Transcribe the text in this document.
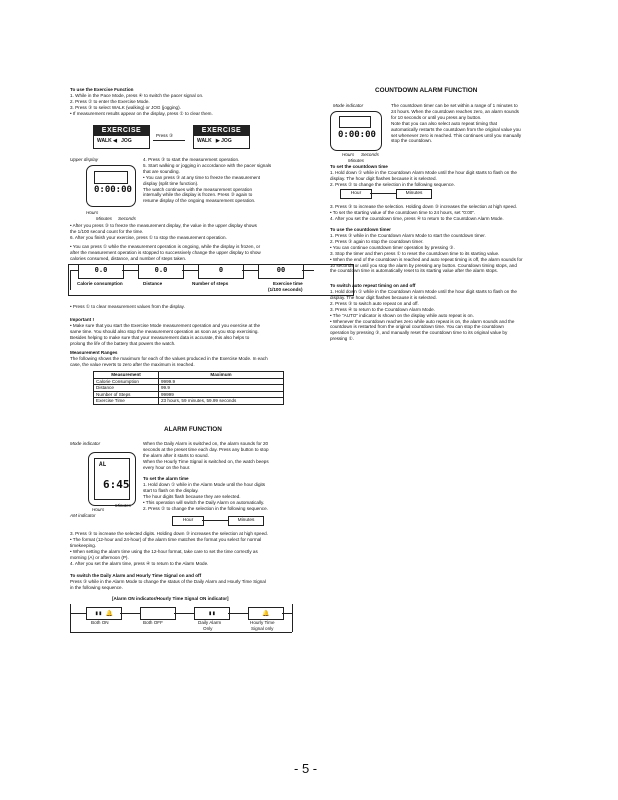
To use the Exercise Function
1. While in the Pace Mode, press ④ to switch the pacer signal on.
2. Press ② to enter the Exercise Mode.
3. Press ③ to select WALK (walking) or JOG (jogging).
• If measurement results appear on the display, press ① to clear them.
EXERCISE
WALK ◀ JOG
Press ③
EXERCISE
WALK ▶ JOG
Upper display
0:00:00
Hours
Minutes Seconds
4. Press ③ to start the measurement operation.
5. Start walking or jogging in accordance with the pacer signals
that are sounding.
• You can press ③ at any time to freeze the measurement
display (split time function).
The watch continues with the measurement operation
internally while the display is frozen. Press ③ again to
resume display of the ongoing measurement operation.
• After you press ③ to freeze the measurement display, the value in the upper display shows
the 1/100 second count for the time.
6. After you finish your exercise, press ① to stop the measurement operation.
• You can press ① while the measurement operation is ongoing, while the display is frozen, or
after the measurement operation is stopped to successively change the upper display to show
calories consumed, distance, and number of steps taken.
0.0	0.0	0	00
Calorie consumption	Distance	Number of steps	Exercise time
(1/100 seconds)
• Press ① to clear measurement values from the display.
Important !
• Make sure that you start the Exercise Mode measurement operation and you exercise at the
same time. You should also stop the measurement operation as soon as you stop exercising.
Besides helping to make sure that your measurement data is accurate, this also helps to
prolong the life of the battery that powers the watch.
Measurement Ranges
The following shows the maximum for each of the values produced in the Exercise Mode. In each
case, the value reverts to zero after the maximum is reached.
Measurement	Maximum
Calorie Consumption	9999.9
Distance	99.9
Number of Steps	99999
Exercise Time	23 hours, 59 minutes, 59.99 seconds
ALARM FUNCTION
Mode indicator
AL
6:45
Hours
Minutes
AM indicator
When the Daily Alarm is switched on, the alarm sounds for 20
seconds at the preset time each day. Press any button to stop
the alarm after it starts to sound.
When the Hourly Time Signal is switched on, the watch beeps
every hour on the hour.
To set the alarm time
1. Hold down ① while in the Alarm Mode until the hour digits
start to flash on the display.
The hour digits flash because they are selected.
• This operation will switch the Daily Alarm on automatically.
2. Press ② to change the selection in the following sequence.
Hour	Minutes
3. Press ③ to increase the selected digits. Holding down ③ increases the selection at high speed.
• The format (12-hour and 24-hour) of the alarm time matches the format you select for normal
timekeeping.
• When setting the alarm time using the 12-hour format, take care to set the time correctly as
morning (A) or afternoon (P).
4. After you set the alarm time, press ④ to return to the Alarm Mode.
To switch the Daily Alarm and Hourly Time Signal on and off
Press ③ while in the Alarm Mode to change the status of the Daily Alarm and Hourly Time Signal
in the following sequence.
[Alarm ON indicator/Hourly Time Signal ON indicator]
▮▮ 🔔	▮▮	🔔
Both ON	Both OFF	Daily Alarm
Only
Hourly Time
Signal only
COUNTDOWN ALARM FUNCTION
Mode indicator
0:00:00
Hours Seconds
Minutes
The countdown timer can be set within a range of 1 minutes to
24 hours. When the countdown reaches zero, an alarm sounds
for 10 seconds or until you press any button.
Note that you can also select auto repeat timing that
automatically restarts the countdown from the original value you
set whenever zero is reached. This continues until you manually
stop the countdown.
To set the countdown time
1. Hold down ① while in the Countdown Alarm Mode until the hour digit starts to flash on the
display. The hour digit flashes because it is selected.
2. Press ② to change the selection in the following sequence.
Hour	Minutes
3. Press ③ to increase the selection. Holding down ③ increases the selection at high speed.
• To set the starting value of the countdown time to 24 hours, set "0:00".
4. After you set the countdown time, press ④ to return to the Countdown Alarm Mode.
To use the countdown timer
1. Press ③ while in the Countdown Alarm Mode to start the countdown timer.
2. Press ③ again to stop the countdown timer.
• You can continue countdown timer operation by pressing ③.
3. Stop the timer and then press ① to reset the countdown time to its starting value.
• When the end of the countdown is reached and auto repeat timing is off, the alarm sounds for
10 seconds or until you stop the alarm by pressing any button. Countdown timing stops, and
the countdown time is automatically reset to its starting value after the alarm stops.
To switch auto repeat timing on and off
1. Hold down ① while in the Countdown Alarm Mode until the hour digit starts to flash on the
display. The hour digit flashes because it is selected.
2. Press ③ to switch auto repeat on and off.
3. Press ④ to return to the Countdown Alarm Mode.
• The "AUTO" indicator is shown on the display while auto repeat is on.
• Whenever the countdown reaches zero while auto repeat is on, the alarm sounds and the
countdown is restarted from the original countdown time. You can stop the countdown
operation by pressing ③, and manually reset the countdown time to its original value by
pressing ①.
- 5 -
